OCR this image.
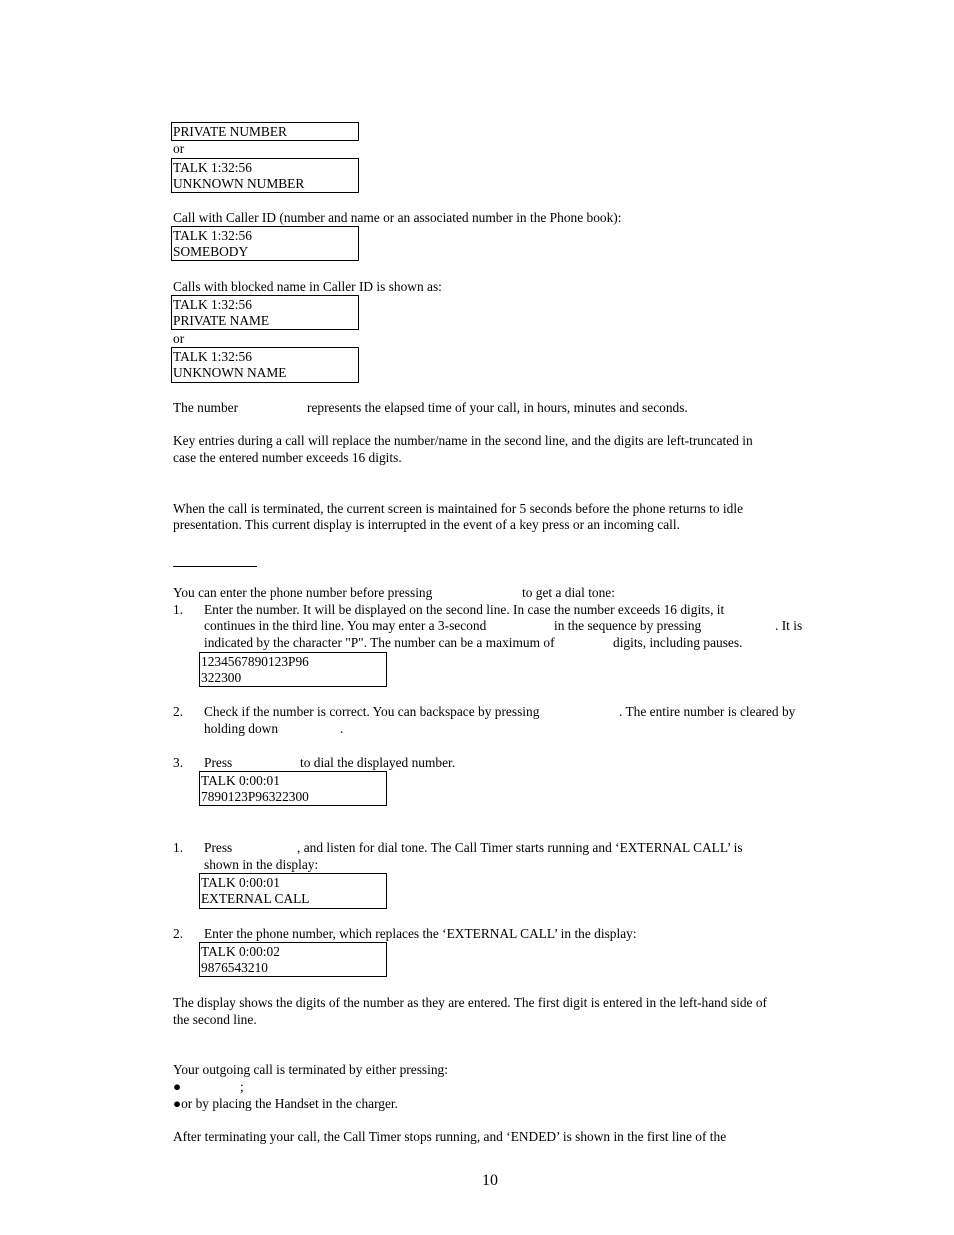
PRIVATE NUMBER
or
TALK 1:32:56
UNKNOWN NUMBER
Call with Caller ID (number and name or an associated number in the Phone book):
TALK 1:32:56
SOMEBODY
Calls with blocked name in Caller ID is shown as:
TALK 1:32:56
PRIVATE NAME
or
TALK 1:32:56
UNKNOWN NAME
The number	represents the elapsed time of your call, in hours, minutes and seconds.
Key entries during a call will replace the number/name in the second line, and the digits are left-truncated in
case the entered number exceeds 16 digits.
When the call is terminated, the current screen is maintained for 5 seconds before the phone returns to idle
presentation. This current display is interrupted in the event of a key press or an incoming call.
You can enter the phone number before pressing	to get a dial tone:
1. Enter the number. It will be displayed on the second line. In case the number exceeds 16 digits, it
continues in the third line. You may enter a 3-second	in the sequence by pressing	. It is
indicated by the character "P". The number can be a maximum of	digits, including pauses.
1234567890123P96
322300
2. Check if the number is correct. You can backspace by pressing	. The entire number is cleared by
holding down	.
3. Press	to dial the displayed number.
TALK 0:00:01
7890123P96322300
1. Press	, and listen for dial tone. The Call Timer starts running and ‘EXTERNAL CALL’ is
shown in the display:
TALK 0:00:01
EXTERNAL CALL
2. Enter the phone number, which replaces the ‘EXTERNAL CALL’ in the display:
TALK 0:00:02
9876543210
The display shows the digits of the number as they are entered. The first digit is entered in the left-hand side of
the second line.
Your outgoing call is terminated by either pressing:
●	;
●or by placing the Handset in the charger.
After terminating your call, the Call Timer stops running, and ‘ENDED’ is shown in the first line of the
10
